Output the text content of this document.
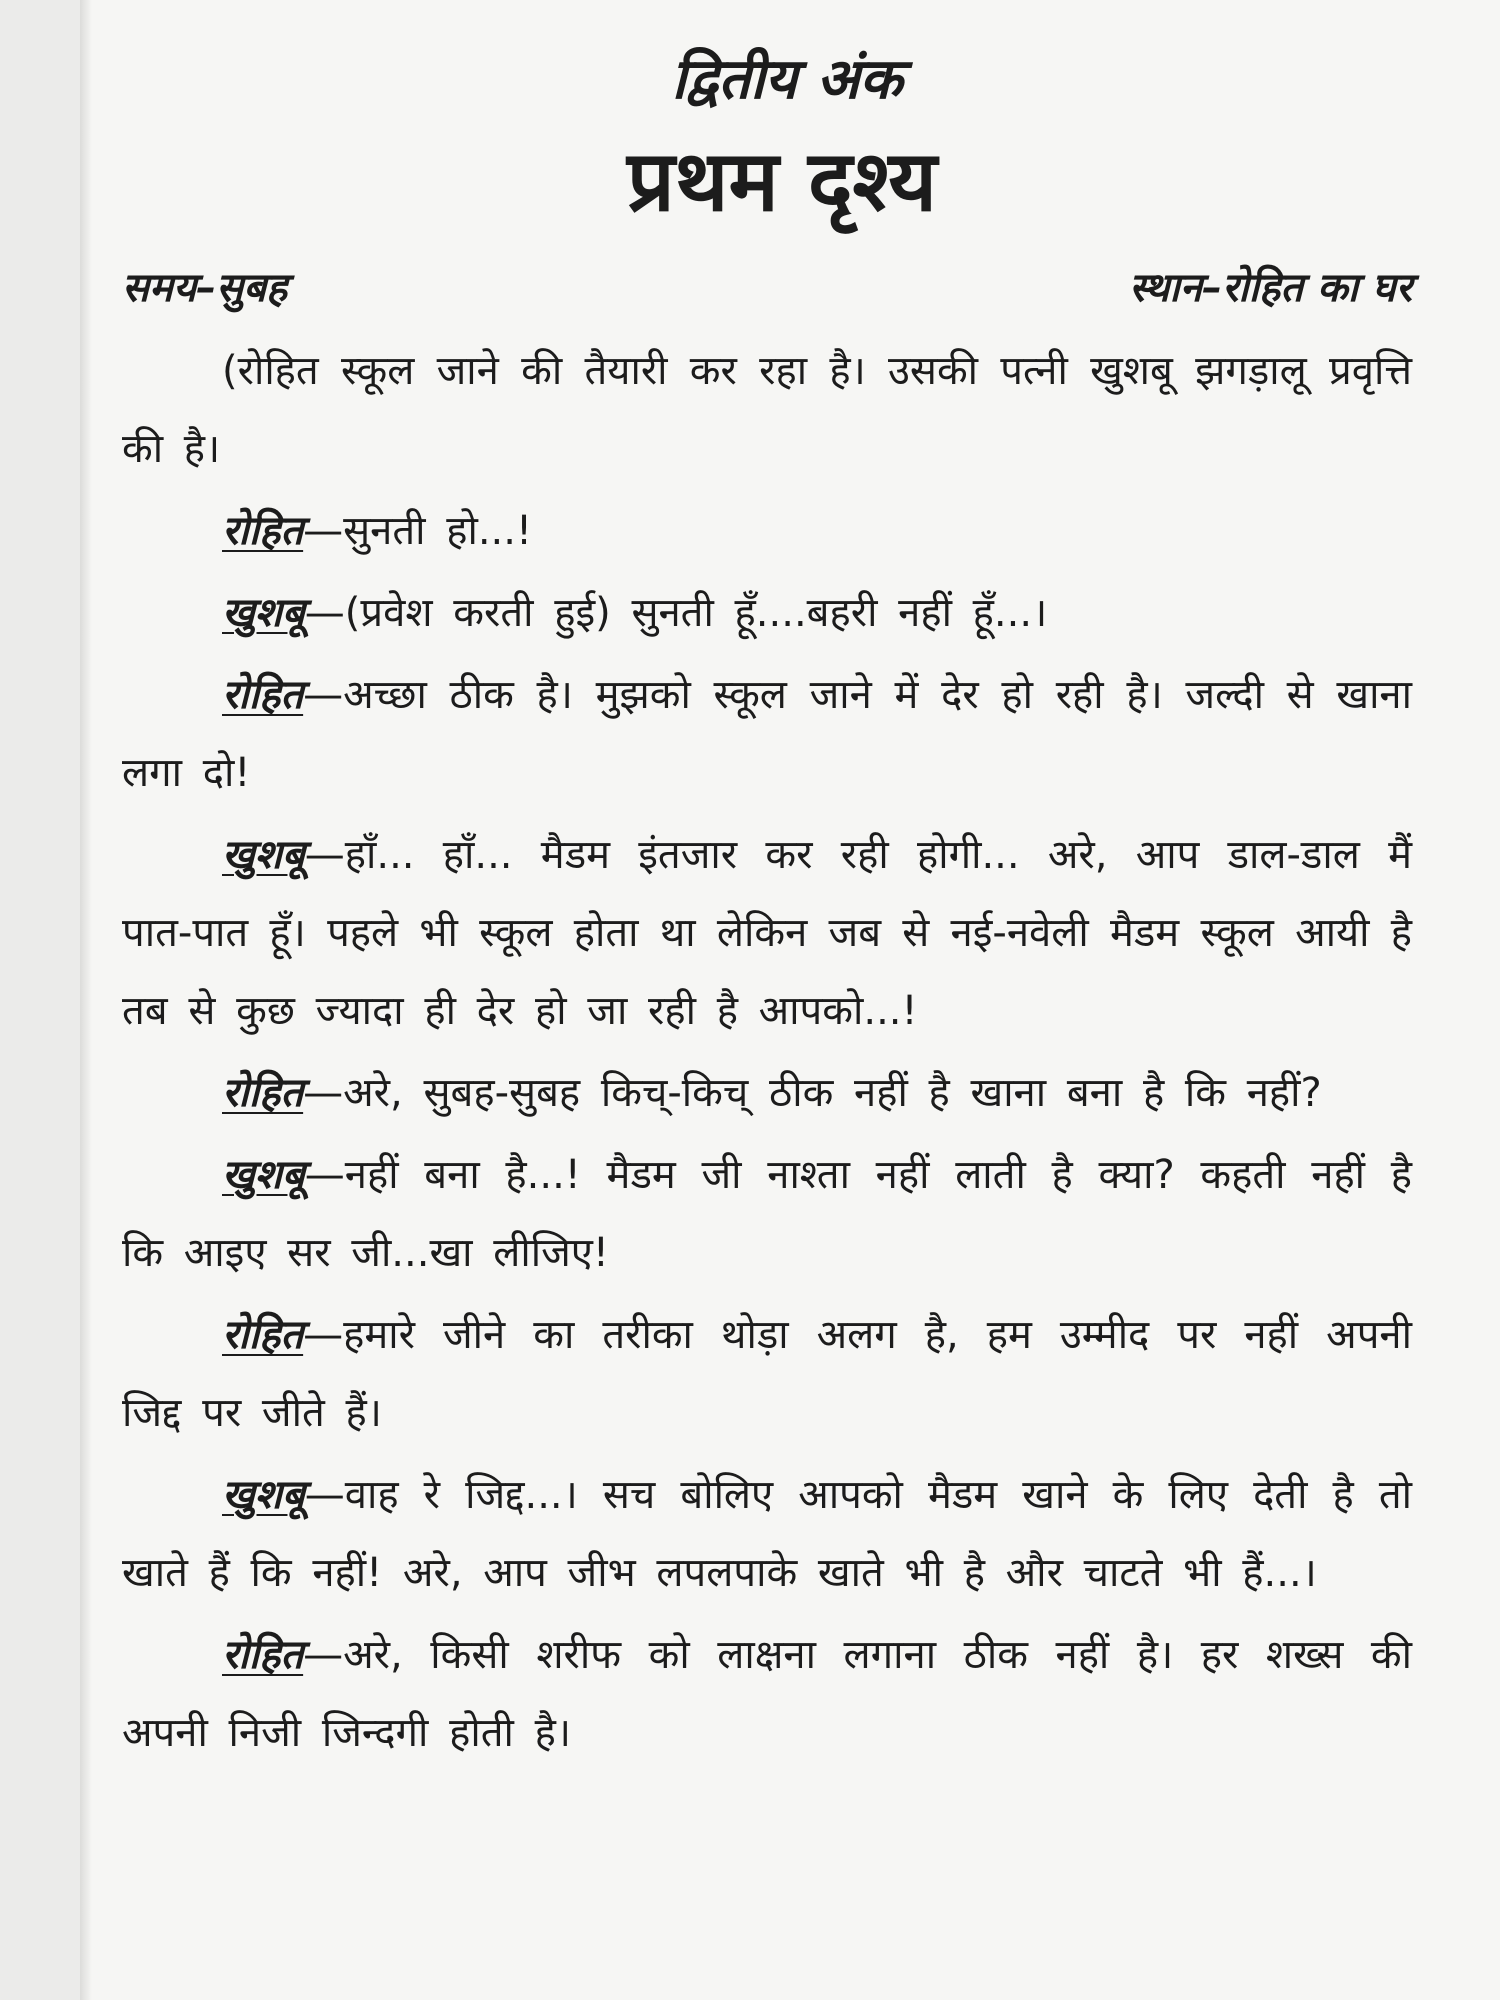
द्वितीय अंक
प्रथम दृश्य
समय–सुबह	स्थान–रोहित का घर

(रोहित स्कूल जाने की तैयारी कर रहा है। उसकी पत्नी खुशबू झगड़ालू प्रवृत्ति की है।

रोहित—सुनती हो...!

खुशबू—(प्रवेश करती हुई) सुनती हूँ....बहरी नहीं हूँ...।

रोहित—अच्छा ठीक है। मुझको स्कूल जाने में देर हो रही है। जल्दी से खाना लगा दो!

खुशबू—हाँ... हाँ... मैडम इंतजार कर रही होगी... अरे, आप डाल-डाल मैं पात-पात हूँ। पहले भी स्कूल होता था लेकिन जब से नई-नवेली मैडम स्कूल आयी है तब से कुछ ज्यादा ही देर हो जा रही है आपको...!

रोहित—अरे, सुबह-सुबह किच्-किच् ठीक नहीं है खाना बना है कि नहीं?

खुशबू—नहीं बना है...! मैडम जी नाश्ता नहीं लाती है क्या? कहती नहीं है कि आइए सर जी...खा लीजिए!

रोहित—हमारे जीने का तरीका थोड़ा अलग है, हम उम्मीद पर नहीं अपनी जिद्द पर जीते हैं।

खुशबू—वाह रे जिद्द...। सच बोलिए आपको मैडम खाने के लिए देती है तो खाते हैं कि नहीं! अरे, आप जीभ लपलपाके खाते भी है और चाटते भी हैं...।

रोहित—अरे, किसी शरीफ को लाक्षना लगाना ठीक नहीं है। हर शख्स की अपनी निजी जिन्दगी होती है।
